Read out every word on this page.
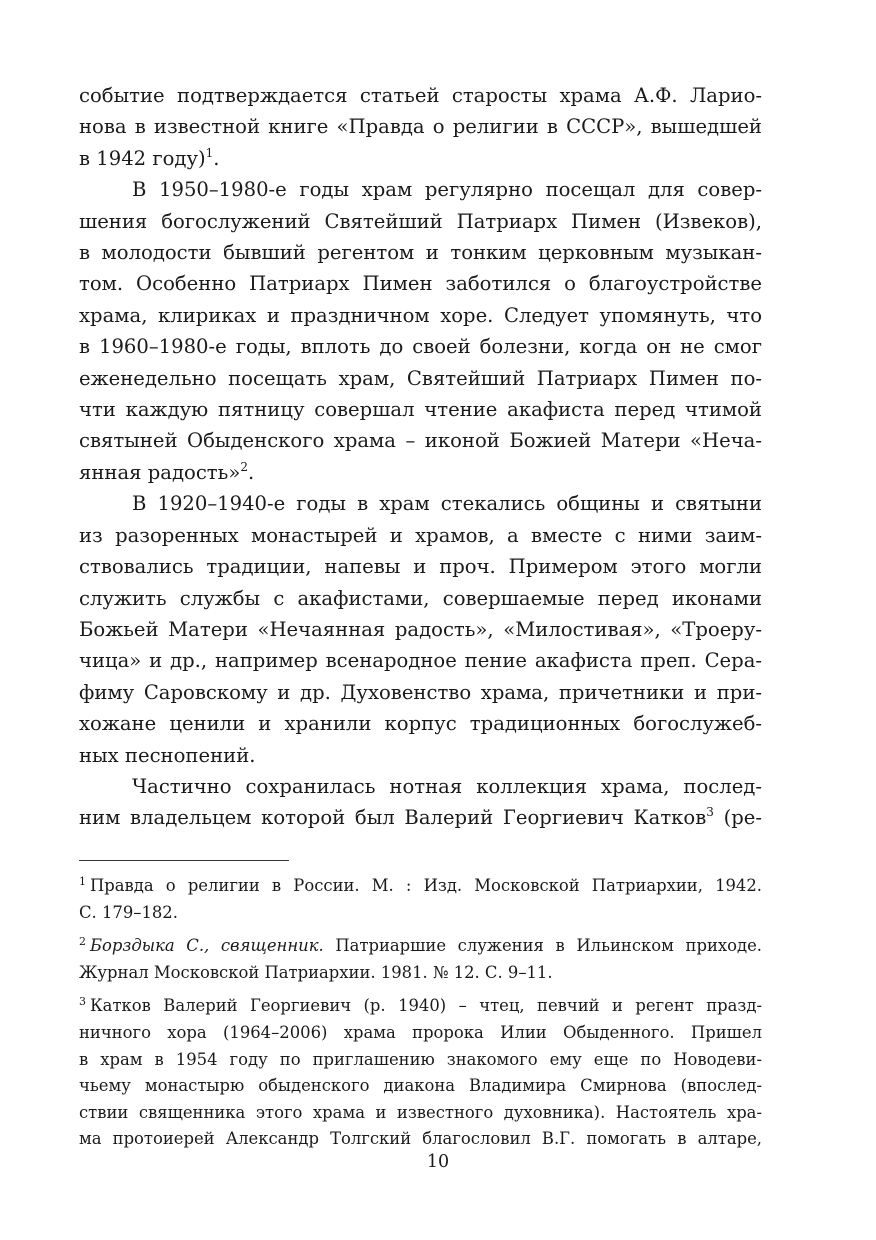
событие подтверждается статьей старосты храма А.Ф. Ларио-
нова в известной книге «Правда о религии в СССР», вышедшей
в 1942 году)$^1$.

В 1950–1980-е годы храм регулярно посещал для совер-
шения богослужений Святейший Патриарх Пимен (Извеков),
в молодости бывший регентом и тонким церковным музыкан-
том. Особенно Патриарх Пимен заботился о благоустройстве
храма, клириках и праздничном хоре. Следует упомянуть, что
в 1960–1980-е годы, вплоть до своей болезни, когда он не смог
еженедельно посещать храм, Святейший Патриарх Пимен по-
чти каждую пятницу совершал чтение акафиста перед чтимой
святыней Обыденского храма – иконой Божией Матери «Неча-
янная радость»$^2$.

В 1920–1940-е годы в храм стекались общины и святыни
из разоренных монастырей и храмов, а вместе с ними заим-
ствовались традиции, напевы и проч. Примером этого могли
служить службы с акафистами, совершаемые перед иконами
Божьей Матери «Нечаянная радость», «Милостивая», «Троеру-
чица» и др., например всенародное пение акафиста преп. Сера-
фиму Саровскому и др. Духовенство храма, причетники и при-
хожане ценили и хранили корпус традиционных богослужеб-
ных песнопений.

Частично сохранилась нотная коллекция храма, послед-
ним владельцем которой был Валерий Георгиевич Катков$^3$ (ре-

$^1$ Правда о религии в России. М. : Изд. Московской Патриархии, 1942.
С. 179–182.

$^2$ Борздыка С., священник. Патриаршие служения в Ильинском приходе.
Журнал Московской Патриархии. 1981. № 12. С. 9–11.

$^3$ Катков Валерий Георгиевич (р. 1940) – чтец, певчий и регент празд-
ничного хора (1964–2006) храма пророка Илии Обыденного. Пришел
в храм в 1954 году по приглашению знакомого ему еще по Новодеви-
чьему монастырю обыденского диакона Владимира Смирнова (впослед-
ствии священника этого храма и известного духовника). Настоятель хра-
ма протоиерей Александр Толгский благословил В.Г. помогать в алтаре,

10
